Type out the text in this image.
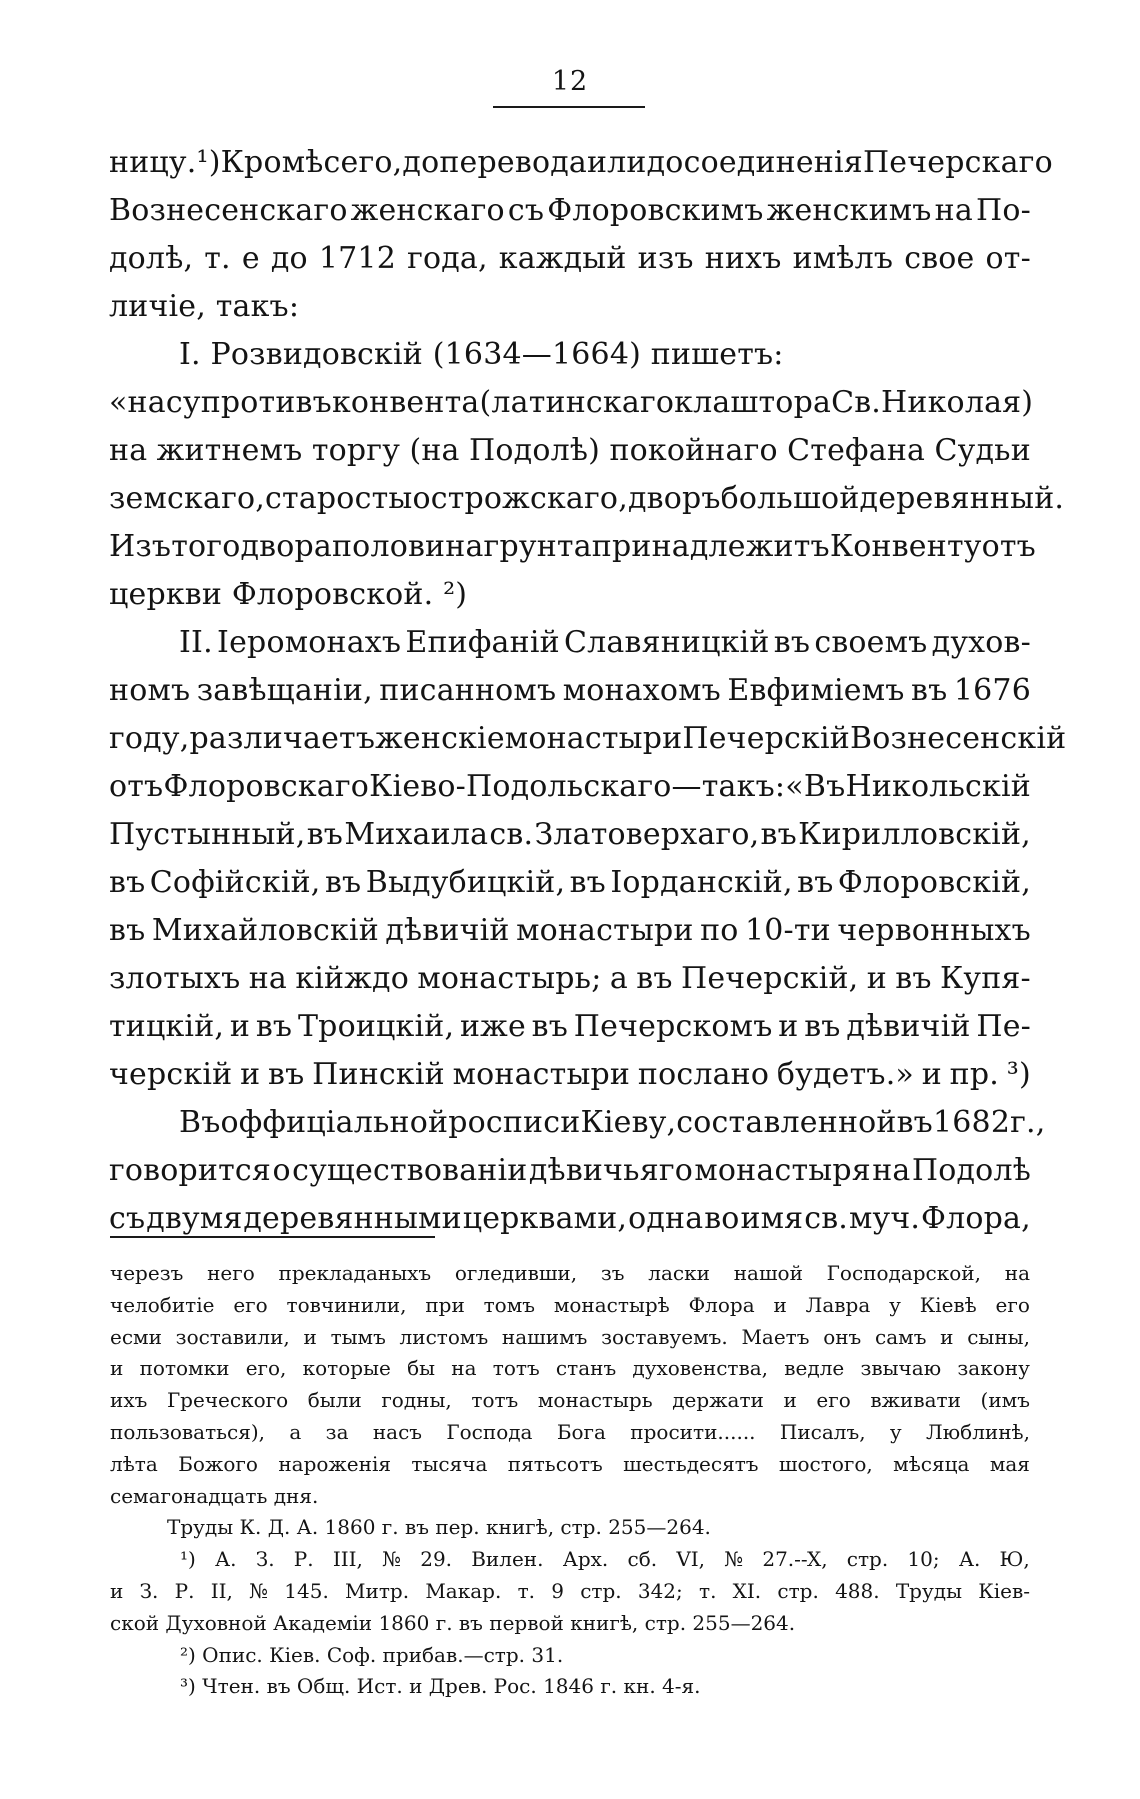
12
ницу. ¹) Кромѣ сего, до перевода или до соединенія Печерскаго
Вознесенскаго женскаго съ Флоровскимъ женскимъ на По-
долѣ, т. е до 1712 года, каждый изъ нихъ имѣлъ свое от-
личіе, такъ:
I. Розвидовскій (1634—1664) пишетъ:
«на супротивъ конвента (латинскаго клаштора Св. Николая)
на житнемъ торгу (на Подолѣ) покойнаго Стефана Судьи
земскаго, старосты острожскаго, дворъ большой деревянный.
Изъ того двора половина грунта принадлежитъ Конвенту отъ
церкви Флоровской. ²)
II. Іеромонахъ Епифаній Славяницкій въ своемъ духов-
номъ завѣщаніи, писанномъ монахомъ Евфиміемъ въ 1676
году, различаетъ женскіе монастыри Печерскій Вознесенскій
отъ Флоровскаго Кіево-Подольскаго—такъ: «Въ Никольскій
Пустынный, въ Михаила св. Златоверхаго, въ Кирилловскій,
въ Софійскій, въ Выдубицкій, въ Іорданскій, въ Флоровскій,
въ Михайловскій дѣвичій монастыри по 10-ти червонныхъ
злотыхъ на кійждо монастырь; а въ Печерскій, и въ Купя-
тицкій, и въ Троицкій, иже въ Печерскомъ и въ дѣвичій Пе-
черскій и въ Пинскій монастыри послано будетъ.» и пр. ³)
Въ оффиціальной росписи Кіеву, составленной въ 1682 г.,
говорится о существованіи дѣвичьяго монастыря на Подолѣ
съ двумя деревянными церквами, одна во имя св. муч. Флора,
черезъ него прекладаныхъ огледивши, зъ ласки нашой Господарской, на
челобитіе его товчинили, при томъ монастырѣ Флора и Лавра у Кіевѣ его
есми зоставили, и тымъ листомъ нашимъ зоставуемъ. Маетъ онъ самъ и сыны,
и потомки его, которые бы на тотъ станъ духовенства, ведле звычаю закону
ихъ Греческого были годны, тотъ монастырь держати и его вживати (имъ
пользоваться), а за насъ Господа Бога просити...... Писалъ, у Люблинѣ,
лѣта Божого нароженія тысяча пятьсотъ шестьдесятъ шостого, мѣсяца мая
семагонадцать дня.
Труды К. Д. А. 1860 г. въ пер. книгѣ, стр. 255—264.
¹) А. З. Р. III, № 29. Вилен. Арх. сб. VI, № 27.--X, стр. 10; А. Ю,
и З. Р. II, № 145. Митр. Макар. т. 9 стр. 342; т. XI. стр. 488. Труды Кіев-
ской Духовной Академіи 1860 г. въ первой книгѣ, стр. 255—264.
²) Опис. Кіев. Соф. прибав.—стр. 31.
³) Чтен. въ Общ. Ист. и Древ. Рос. 1846 г. кн. 4-я.
